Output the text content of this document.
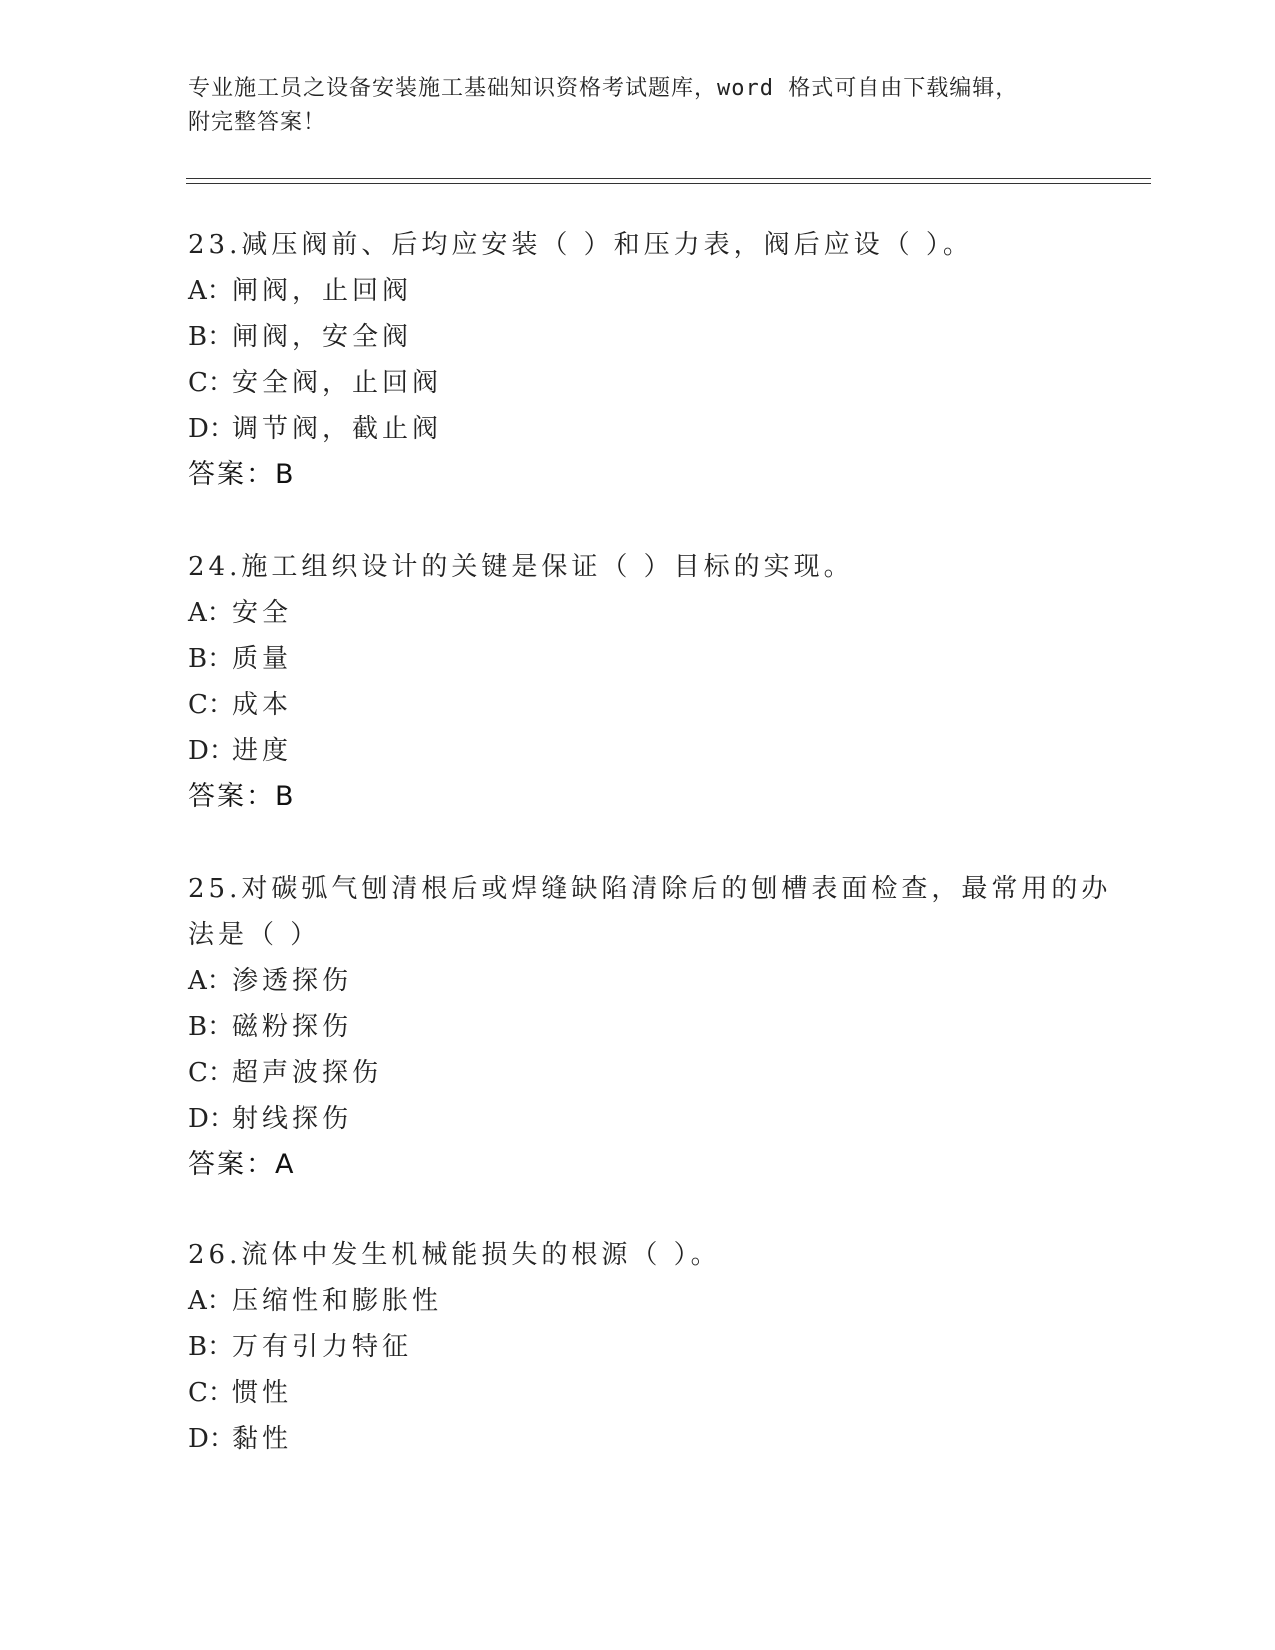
专业施工员之设备安装施工基础知识资格考试题库，word 格式可自由下载编辑，
附完整答案！
23.减压阀前、后均应安装（ ）和压力表，阀后应设（ ）。
A：闸阀，止回阀
B：闸阀，安全阀
C：安全阀，止回阀
D：调节阀，截止阀
答案：B
24.施工组织设计的关键是保证（ ）目标的实现。
A：安全
B：质量
C：成本
D：进度
答案：B
25.对碳弧气刨清根后或焊缝缺陷清除后的刨槽表面检查，最常用的办
法是（ ）
A：渗透探伤
B：磁粉探伤
C：超声波探伤
D：射线探伤
答案：A
26.流体中发生机械能损失的根源（ ）。
A：压缩性和膨胀性
B：万有引力特征
C：惯性
D：黏性
